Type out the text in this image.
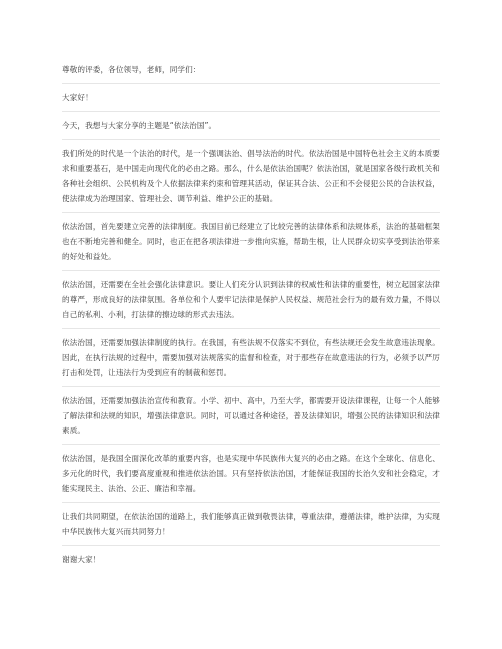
尊敬的评委，各位领导，老师，同学们：

大家好！

今天，我想与大家分享的主题是“依法治国”。

我们所处的时代是一个法治的时代，是一个强调法治、倡导法治的时代。依法治国是中国特色社会主义的本质要求和重要基石，是中国走向现代化的必由之路。那么，什么是依法治国呢？依法治国，就是国家各级行政机关和各种社会组织、公民机构及个人依据法律来约束和管理其活动，保证其合法、公正和不会侵犯公民的合法权益，使法律成为治理国家、管理社会、调节利益、维护公正的基础。

依法治国，首先要建立完善的法律制度。我国目前已经建立了比较完善的法律体系和法规体系，法治的基础框架也在不断地完善和健全。同时，也正在把各项法律进一步推向实施，帮助生根，让人民群众切实享受到法治带来的好处和益处。

依法治国，还需要在全社会强化法律意识。要让人们充分认识到法律的权威性和法律的重要性，树立起国家法律的尊严，形成良好的法律氛围。各单位和个人要牢记法律是保护人民权益、规范社会行为的最有效力量，不得以自己的私利、小利，打法律的擦边球的形式去违法。

依法治国，还需要加强法律制度的执行。在我国，有些法规不仅落实不到位，有些法规还会发生故意违法现象。因此，在执行法规的过程中，需要加强对法规落实的监督和检查，对于那些存在故意违法的行为，必须予以严厉打击和处罚，让违法行为受到应有的制裁和惩罚。

依法治国，还需要加强法治宣传和教育。小学、初中、高中，乃至大学，都需要开设法律课程，让每一个人能够了解法律和法规的知识，增强法律意识。同时，可以通过各种途径，普及法律知识，增强公民的法律知识和法律素质。

依法治国，是我国全面深化改革的重要内容，也是实现中华民族伟大复兴的必由之路。在这个全球化、信息化、多元化的时代，我们要高度重视和推进依法治国。只有坚持依法治国，才能保证我国的长治久安和社会稳定，才能实现民主、法治、公正、廉洁和幸福。

让我们共同期望，在依法治国的道路上，我们能够真正做到敬畏法律，尊重法律，遵循法律，维护法律，为实现中华民族伟大复兴而共同努力！

谢谢大家！
